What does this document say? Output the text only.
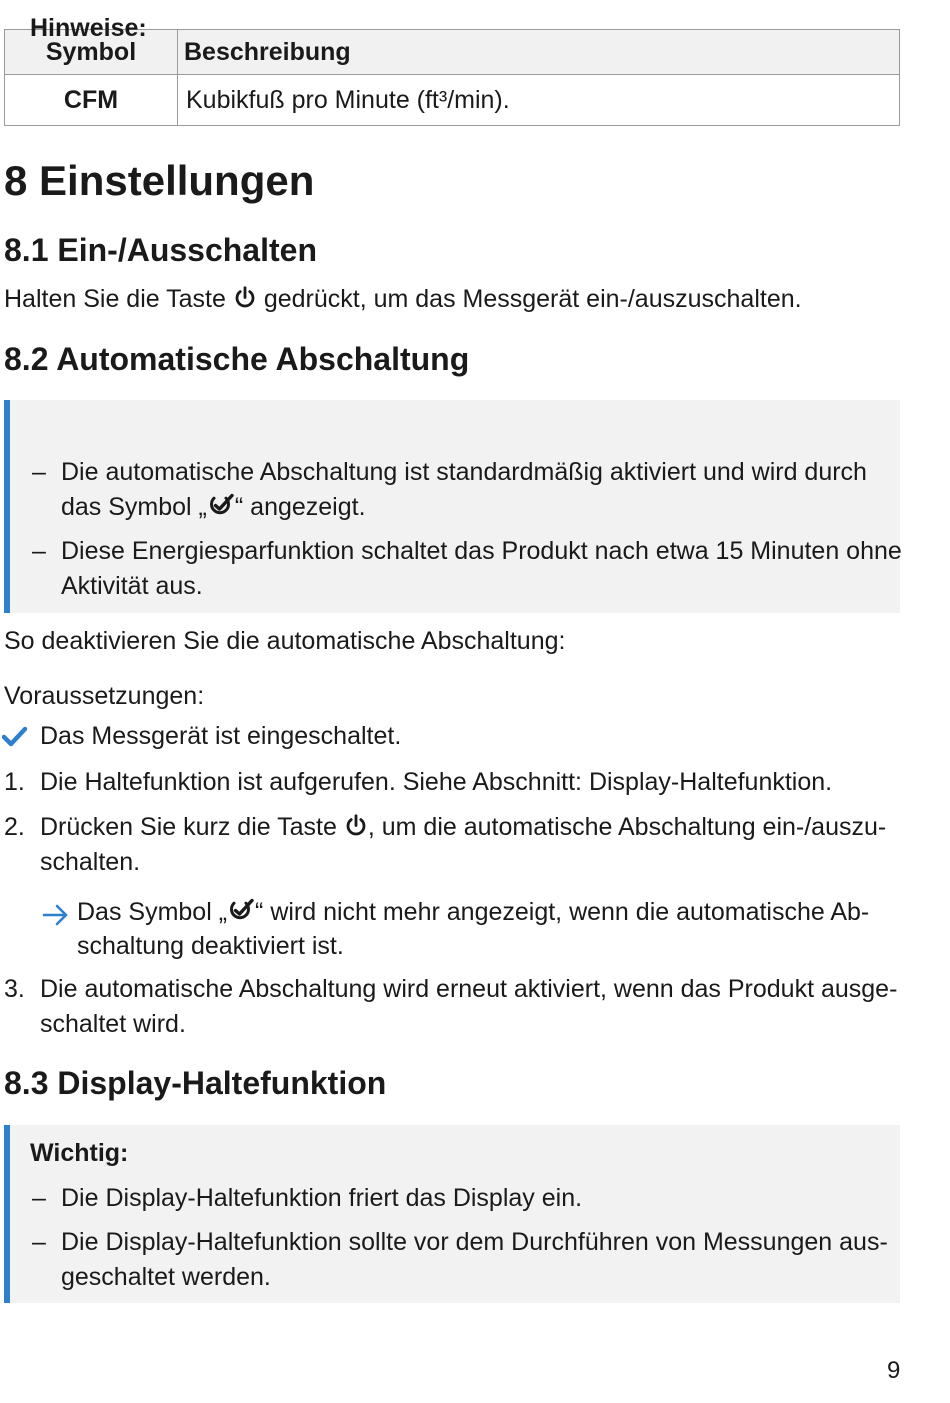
Symbol	Beschreibung
CFM	Kubikfuß pro Minute (ft³/min).
8 Einstellungen
8.1 Ein-/Ausschalten
Halten Sie die Taste gedrückt, um das Messgerät ein-/auszuschalten.
8.2 Automatische Abschaltung
Hinweise:
– Die automatische Abschaltung ist standardmäßig aktiviert und wird durch
das Symbol „ “ angezeigt.
– Diese Energiesparfunktion schaltet das Produkt nach etwa 15 Minuten ohne
Aktivität aus.
So deaktivieren Sie die automatische Abschaltung:
Voraussetzungen:
Das Messgerät ist eingeschaltet.
1. Die Haltefunktion ist aufgerufen. Siehe Abschnitt: Display-Haltefunktion.
2. Drücken Sie kurz die Taste , um die automatische Abschaltung ein-/auszu-
schalten.
Das Symbol „ “ wird nicht mehr angezeigt, wenn die automatische Ab-
schaltung deaktiviert ist.
3. Die automatische Abschaltung wird erneut aktiviert, wenn das Produkt ausge-
schaltet wird.
8.3 Display-Haltefunktion
Wichtig:
– Die Display-Haltefunktion friert das Display ein.
– Die Display-Haltefunktion sollte vor dem Durchführen von Messungen aus-
geschaltet werden.
9
